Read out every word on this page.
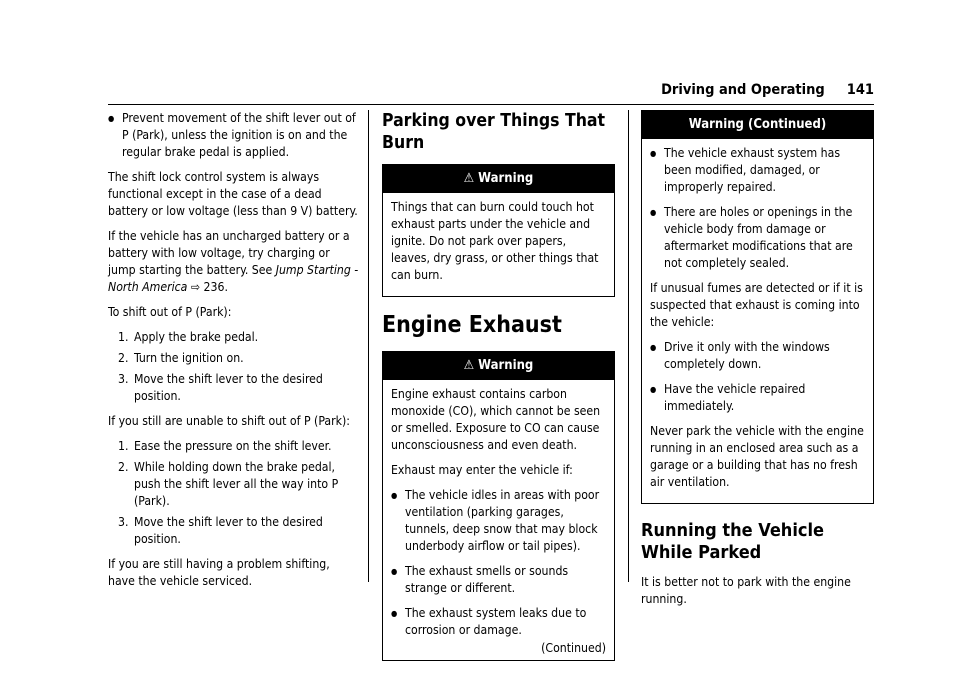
Driving and Operating 141
● Prevent movement of the shift lever out of P (Park), unless the ignition is on and the regular brake pedal is applied.

The shift lock control system is always functional except in the case of a dead battery or low voltage (less than 9 V) battery.

If the vehicle has an uncharged battery or a battery with low voltage, try charging or jump starting the battery. See Jump Starting - North America ⇨ 236.

To shift out of P (Park):

1. Apply the brake pedal.
2. Turn the ignition on.
3. Move the shift lever to the desired position.

If you still are unable to shift out of P (Park):

1. Ease the pressure on the shift lever.
2. While holding down the brake pedal, push the shift lever all the way into P (Park).
3. Move the shift lever to the desired position.

If you are still having a problem shifting, have the vehicle serviced.

Parking over Things That Burn
⚠ Warning

Things that can burn could touch hot exhaust parts under the vehicle and ignite. Do not park over papers, leaves, dry grass, or other things that can burn.

Engine Exhaust
⚠ Warning

Engine exhaust contains carbon monoxide (CO), which cannot be seen or smelled. Exposure to CO can cause unconsciousness and even death.

Exhaust may enter the vehicle if:

● The vehicle idles in areas with poor ventilation (parking garages, tunnels, deep snow that may block underbody airflow or tail pipes).
● The exhaust smells or sounds strange or different.
● The exhaust system leaks due to corrosion or damage.
(Continued)
Warning (Continued)
● The vehicle exhaust system has been modified, damaged, or improperly repaired.
● There are holes or openings in the vehicle body from damage or aftermarket modifications that are not completely sealed.

If unusual fumes are detected or if it is suspected that exhaust is coming into the vehicle:

● Drive it only with the windows completely down.
● Have the vehicle repaired immediately.

Never park the vehicle with the engine running in an enclosed area such as a garage or a building that has no fresh air ventilation.

Running the Vehicle While Parked

It is better not to park with the engine running.
